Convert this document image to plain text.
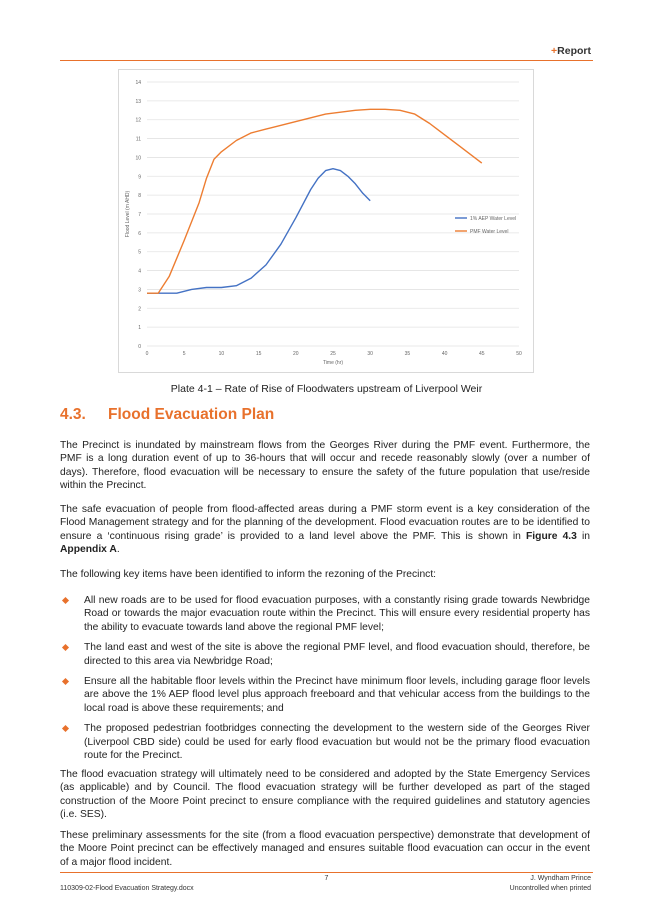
+Report
0
1
2
3
4
5
6
7
8
9
10
11
12
13
14
0	5	10	15	20	25	30	35	40	45	50
Time (hr)
Flood Level (m AHD)	1% AEP Water Level
PMF Water Level
Plate 4-1 – Rate of Rise of Floodwaters upstream of Liverpool Weir
4.3. Flood Evacuation Plan
The Precinct is inundated by mainstream flows from the Georges River during the PMF event. Furthermore, the PMF is a long duration event of up to 36-hours that will occur and recede reasonably slowly (over a number of days). Therefore, flood evacuation will be necessary to ensure the safety of the future population that use/reside within the Precinct.
The safe evacuation of people from flood-affected areas during a PMF storm event is a key consideration of the Flood Management strategy and for the planning of the development. Flood evacuation routes are to be identified to ensure a ‘continuous rising grade’ is provided to a land level above the PMF. This is shown in Figure 4.3 in Appendix A.
The following key items have been identified to inform the rezoning of the Precinct:
All new roads are to be used for flood evacuation purposes, with a constantly rising grade towards Newbridge Road or towards the major evacuation route within the Precinct. This will ensure every residential property has the ability to evacuate towards land above the regional PMF level;
The land east and west of the site is above the regional PMF level, and flood evacuation should, therefore, be directed to this area via Newbridge Road;
Ensure all the habitable floor levels within the Precinct have minimum floor levels, including garage floor levels are above the 1% AEP flood level plus approach freeboard and that vehicular access from the buildings to the local road is above these requirements; and
The proposed pedestrian footbridges connecting the development to the western side of the Georges River (Liverpool CBD side) could be used for early flood evacuation but would not be the primary flood evacuation route for the Precinct.
The flood evacuation strategy will ultimately need to be considered and adopted by the State Emergency Services (as applicable) and by Council. The flood evacuation strategy will be further developed as part of the staged construction of the Moore Point precinct to ensure compliance with the required guidelines and statutory agencies (i.e. SES).
These preliminary assessments for the site (from a flood evacuation perspective) demonstrate that development of the Moore Point precinct can be effectively managed and ensures suitable flood evacuation can occur in the event of a major flood incident.
7	J. Wyndham Prince
110309-02-Flood Evacuation Strategy.docx	Uncontrolled when printed
